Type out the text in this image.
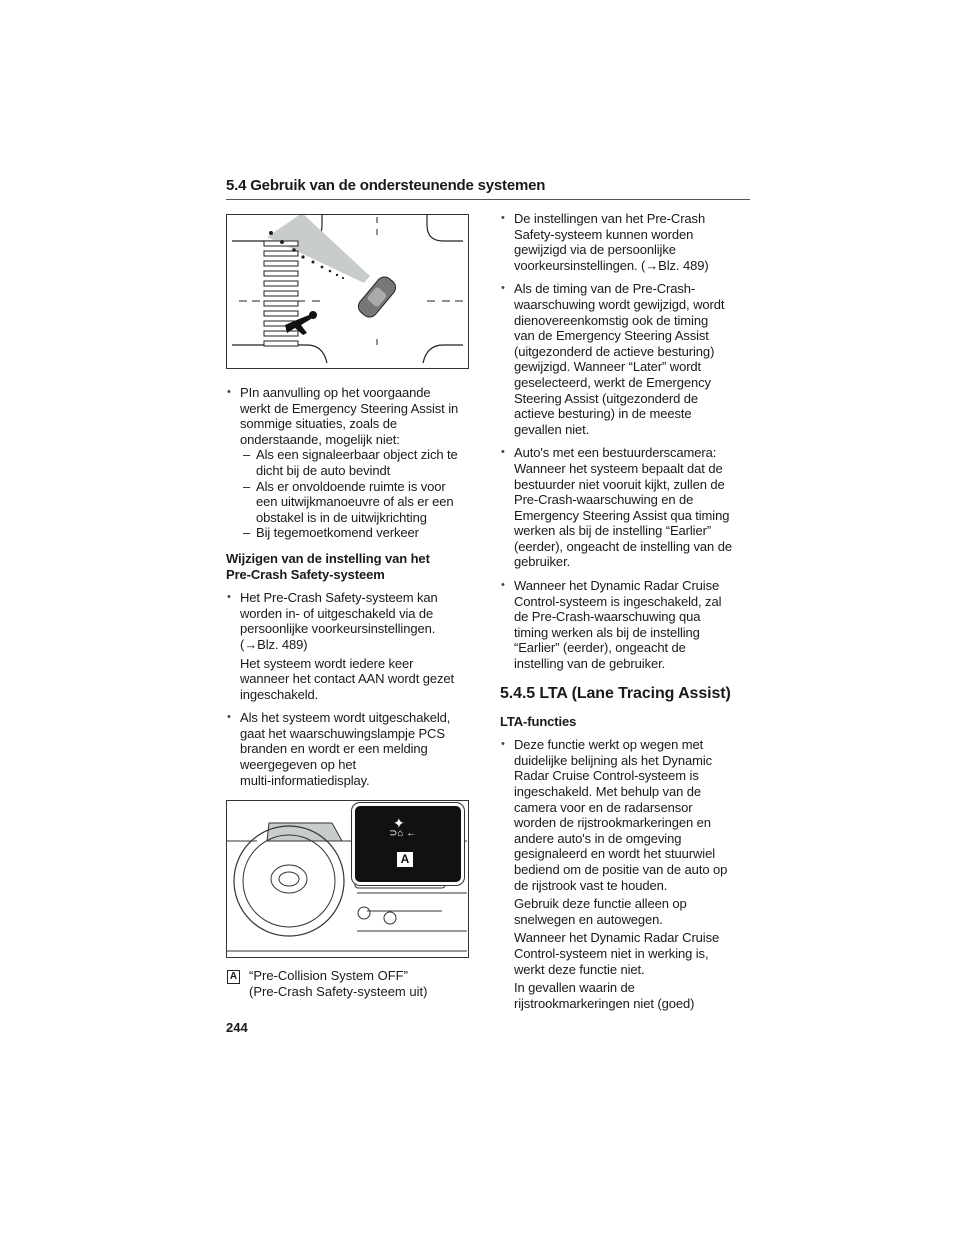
5.4 Gebruik van de ondersteunende systemen
• PIn aanvulling op het voorgaande
werkt de Emergency Steering Assist in
sommige situaties, zoals de
onderstaande, mogelijk niet:
– Als een signaleerbaar object zich te
dicht bij de auto bevindt
– Als er onvoldoende ruimte is voor
een uitwijkmanoeuvre of als er een
obstakel is in de uitwijkrichting
– Bij tegemoetkomend verkeer
Wijzigen van de instelling van het
Pre-Crash Safety-systeem
• Het Pre-Crash Safety-systeem kan
worden in- of uitgeschakeld via de
persoonlijke voorkeursinstellingen.
(→Blz. 489)
Het systeem wordt iedere keer
wanneer het contact AAN wordt gezet
ingeschakeld.
• Als het systeem wordt uitgeschakeld,
gaat het waarschuwingslampje PCS
branden en wordt er een melding
weergegeven op het
multi-informatiedisplay.
✦
⊃⌂ ←
A
A “Pre-Collision System OFF”
(Pre-Crash Safety-systeem uit)
• De instellingen van het Pre-Crash
Safety-systeem kunnen worden
gewijzigd via de persoonlijke
voorkeursinstellingen. (→Blz. 489)
• Als de timing van de Pre-Crash-
waarschuwing wordt gewijzigd, wordt
dienovereenkomstig ook de timing
van de Emergency Steering Assist
(uitgezonderd de actieve besturing)
gewijzigd. Wanneer “Later” wordt
geselecteerd, werkt de Emergency
Steering Assist (uitgezonderd de
actieve besturing) in de meeste
gevallen niet.
• Auto's met een bestuurderscamera:
Wanneer het systeem bepaalt dat de
bestuurder niet vooruit kijkt, zullen de
Pre-Crash-waarschuwing en de
Emergency Steering Assist qua timing
werken als bij de instelling “Earlier”
(eerder), ongeacht de instelling van de
gebruiker.
• Wanneer het Dynamic Radar Cruise
Control-systeem is ingeschakeld, zal
de Pre-Crash-waarschuwing qua
timing werken als bij de instelling
“Earlier” (eerder), ongeacht de
instelling van de gebruiker.
5.4.5 LTA (Lane Tracing Assist)
LTA-functies
• Deze functie werkt op wegen met
duidelijke belijning als het Dynamic
Radar Cruise Control-systeem is
ingeschakeld. Met behulp van de
camera voor en de radarsensor
worden de rijstrookmarkeringen en
andere auto's in de omgeving
gesignaleerd en wordt het stuurwiel
bediend om de positie van de auto op
de rijstrook vast te houden.
Gebruik deze functie alleen op
snelwegen en autowegen.
Wanneer het Dynamic Radar Cruise
Control-systeem niet in werking is,
werkt deze functie niet.
In gevallen waarin de
rijstrookmarkeringen niet (goed)
244
